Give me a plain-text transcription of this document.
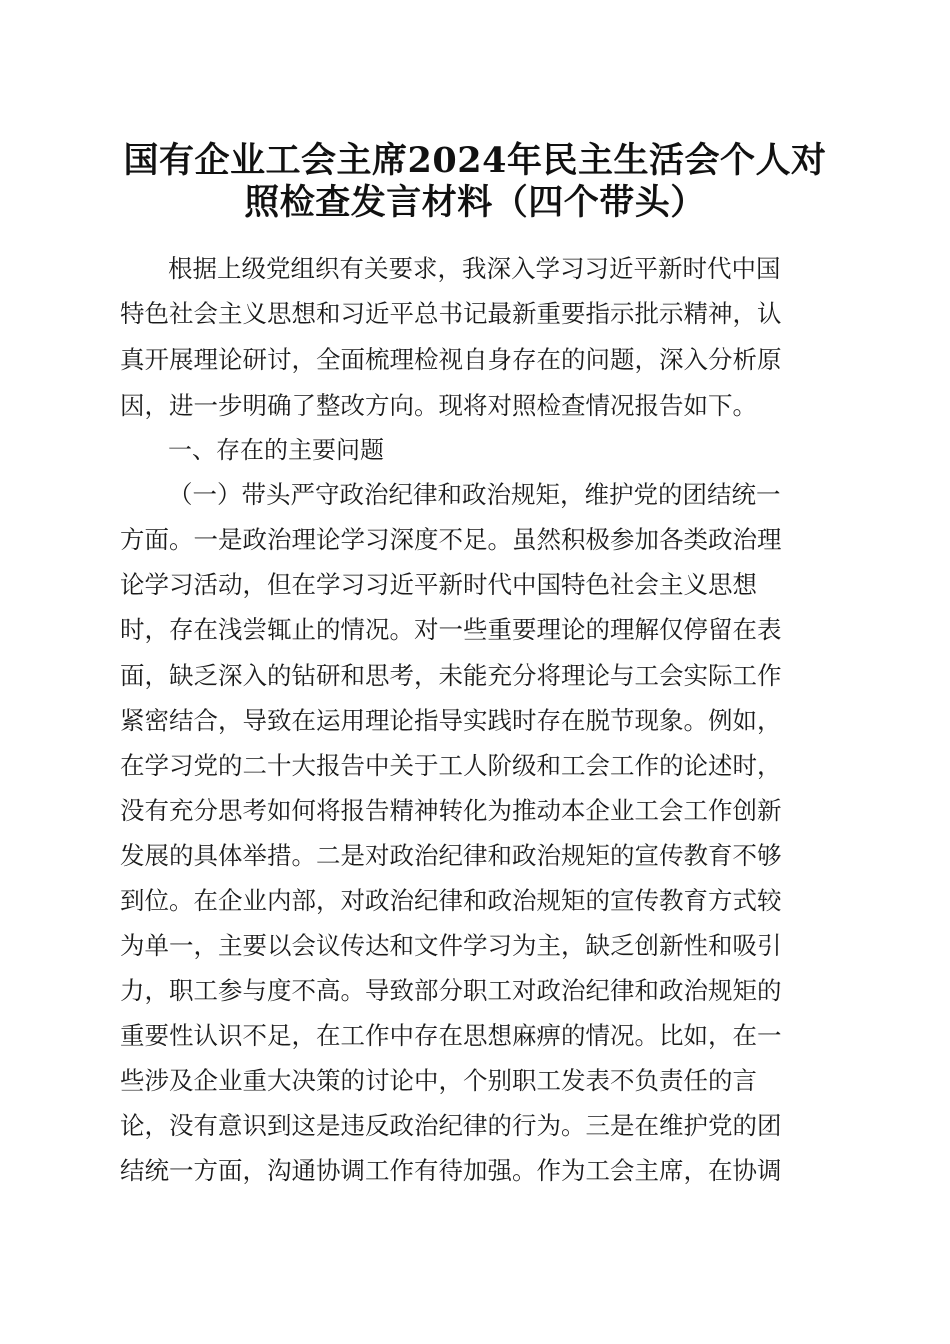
国有企业工会主席2024年民主生活会个人对
照检查发言材料（四个带头）
根据上级党组织有关要求，我深入学习习近平新时代中国
特色社会主义思想和习近平总书记最新重要指示批示精神，认
真开展理论研讨，全面梳理检视自身存在的问题，深入分析原
因，进一步明确了整改方向。现将对照检查情况报告如下。
一、存在的主要问题
（一）带头严守政治纪律和政治规矩，维护党的团结统一
方面。一是政治理论学习深度不足。虽然积极参加各类政治理
论学习活动，但在学习习近平新时代中国特色社会主义思想
时，存在浅尝辄止的情况。对一些重要理论的理解仅停留在表
面，缺乏深入的钻研和思考，未能充分将理论与工会实际工作
紧密结合，导致在运用理论指导实践时存在脱节现象。例如，
在学习党的二十大报告中关于工人阶级和工会工作的论述时，
没有充分思考如何将报告精神转化为推动本企业工会工作创新
发展的具体举措。二是对政治纪律和政治规矩的宣传教育不够
到位。在企业内部，对政治纪律和政治规矩的宣传教育方式较
为单一，主要以会议传达和文件学习为主，缺乏创新性和吸引
力，职工参与度不高。导致部分职工对政治纪律和政治规矩的
重要性认识不足，在工作中存在思想麻痹的情况。比如，在一
些涉及企业重大决策的讨论中，个别职工发表不负责任的言
论，没有意识到这是违反政治纪律的行为。三是在维护党的团
结统一方面，沟通协调工作有待加强。作为工会主席，在协调
